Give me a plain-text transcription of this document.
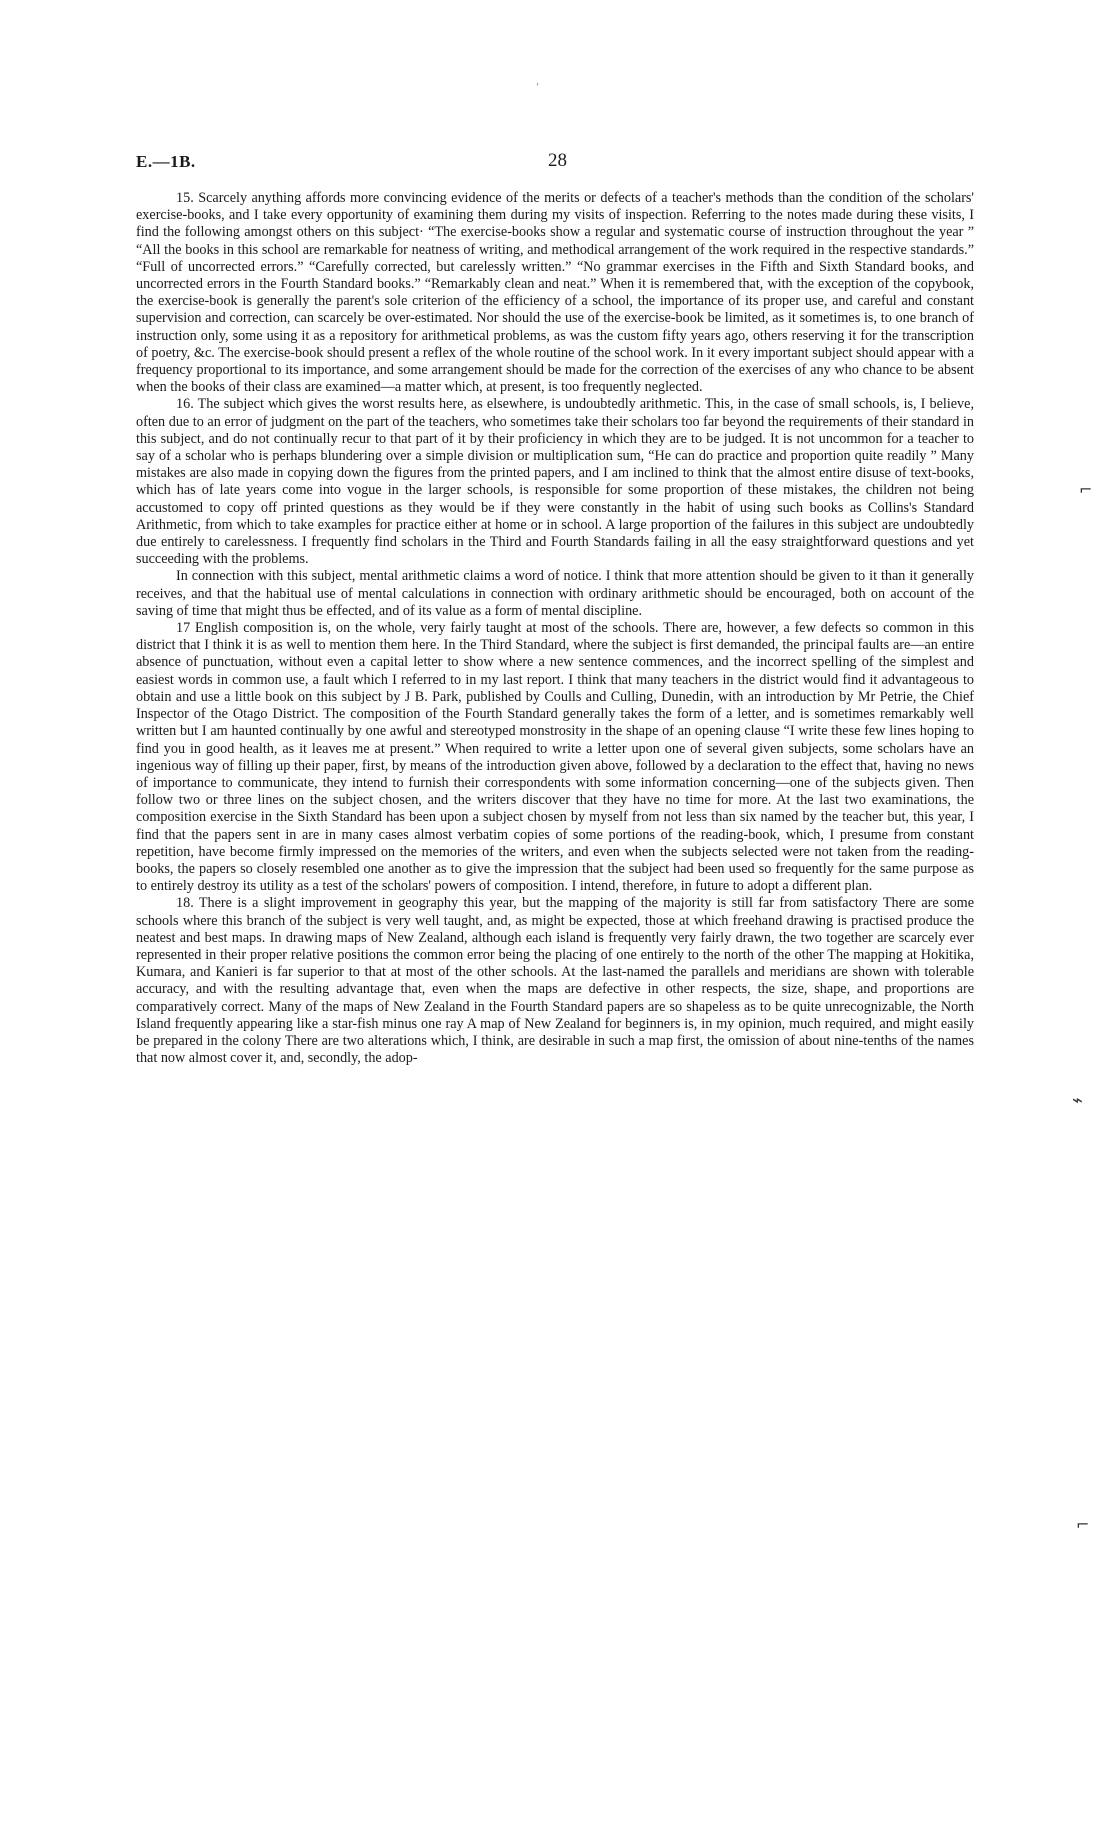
'
E.—1B.	28

15. Scarcely anything affords more convincing evidence of the merits or defects of a teacher's methods than the condition of the scholars' exercise-books, and I take every opportunity of examining them during my visits of inspection. Referring to the notes made during these visits, I find the following amongst others on this subject· “The exercise-books show a regular and systematic course of instruction throughout the year ” “All the books in this school are remarkable for neatness of writing, and methodical arrangement of the work required in the respective standards.” “Full of uncorrected errors.” “Carefully corrected, but carelessly written.” “No grammar exercises in the Fifth and Sixth Standard books, and uncorrected errors in the Fourth Standard books.” “Remarkably clean and neat.” When it is remembered that, with the exception of the copybook, the exercise-book is generally the parent's sole criterion of the efficiency of a school, the importance of its proper use, and careful and constant supervision and correction, can scarcely be over-estimated. Nor should the use of the exercise-book be limited, as it sometimes is, to one branch of instruction only, some using it as a repository for arithmetical problems, as was the custom fifty years ago, others reserving it for the transcription of poetry, &c. The exercise-book should present a reflex of the whole routine of the school work. In it every important subject should appear with a frequency proportional to its importance, and some arrangement should be made for the correction of the exercises of any who chance to be absent when the books of their class are examined—a matter which, at present, is too frequently neglected.

16. The subject which gives the worst results here, as elsewhere, is undoubtedly arithmetic. This, in the case of small schools, is, I believe, often due to an error of judgment on the part of the teachers, who sometimes take their scholars too far beyond the requirements of their standard in this subject, and do not continually recur to that part of it by their proficiency in which they are to be judged. It is not uncommon for a teacher to say of a scholar who is perhaps blundering over a simple division or multiplication sum, “He can do practice and proportion quite readily ” Many mistakes are also made in copying down the figures from the printed papers, and I am inclined to think that the almost entire disuse of text-books, which has of late years come into vogue in the larger schools, is responsible for some proportion of these mistakes, the children not being accustomed to copy off printed questions as they would be if they were constantly in the habit of using such books as Collins's Standard Arithmetic, from which to take examples for practice either at home or in school. A large proportion of the failures in this subject are undoubtedly due entirely to carelessness. I frequently find scholars in the Third and Fourth Standards failing in all the easy straightforward questions and yet succeeding with the problems.

In connection with this subject, mental arithmetic claims a word of notice. I think that more attention should be given to it than it generally receives, and that the habitual use of mental calculations in connection with ordinary arithmetic should be encouraged, both on account of the saving of time that might thus be effected, and of its value as a form of mental discipline.

17 English composition is, on the whole, very fairly taught at most of the schools. There are, however, a few defects so common in this district that I think it is as well to mention them here. In the Third Standard, where the subject is first demanded, the principal faults are—an entire absence of punctuation, without even a capital letter to show where a new sentence commences, and the incorrect spelling of the simplest and easiest words in common use, a fault which I referred to in my last report. I think that many teachers in the district would find it advantageous to obtain and use a little book on this subject by J B. Park, published by Coulls and Culling, Dunedin, with an introduction by Mr Petrie, the Chief Inspector of the Otago District. The composition of the Fourth Standard generally takes the form of a letter, and is sometimes remarkably well written but I am haunted continually by one awful and stereotyped monstrosity in the shape of an opening clause “I write these few lines hoping to find you in good health, as it leaves me at present.” When required to write a letter upon one of several given subjects, some scholars have an ingenious way of filling up their paper, first, by means of the introduction given above, followed by a declaration to the effect that, having no news of importance to communicate, they intend to furnish their correspondents with some information concerning—one of the subjects given. Then follow two or three lines on the subject chosen, and the writers discover that they have no time for more. At the last two examinations, the composition exercise in the Sixth Standard has been upon a subject chosen by myself from not less than six named by the teacher but, this year, I find that the papers sent in are in many cases almost verbatim copies of some portions of the reading-book, which, I presume from constant repetition, have become firmly impressed on the memories of the writers, and even when the subjects selected were not taken from the reading-books, the papers so closely resembled one another as to give the impression that the subject had been used so frequently for the same purpose as to entirely destroy its utility as a test of the scholars' powers of composition. I intend, therefore, in future to adopt a different plan.

18. There is a slight improvement in geography this year, but the mapping of the majority is still far from satisfactory There are some schools where this branch of the subject is very well taught, and, as might be expected, those at which freehand drawing is practised produce the neatest and best maps. In drawing maps of New Zealand, although each island is frequently very fairly drawn, the two together are scarcely ever represented in their proper relative positions the common error being the placing of one entirely to the north of the other The mapping at Hokitika, Kumara, and Kanieri is far superior to that at most of the other schools. At the last-named the parallels and meridians are shown with tolerable accuracy, and with the resulting advantage that, even when the maps are defective in other respects, the size, shape, and proportions are comparatively correct. Many of the maps of New Zealand in the Fourth Standard papers are so shapeless as to be quite unrecognizable, the North Island frequently appearing like a star-fish minus one ray A map of New Zealand for beginners is, in my opinion, much required, and might easily be prepared in the colony There are two alterations which, I think, are desirable in such a map first, the omission of about nine-tenths of the names that now almost cover it, and, secondly, the adop-

⌐
⌁
⌐
